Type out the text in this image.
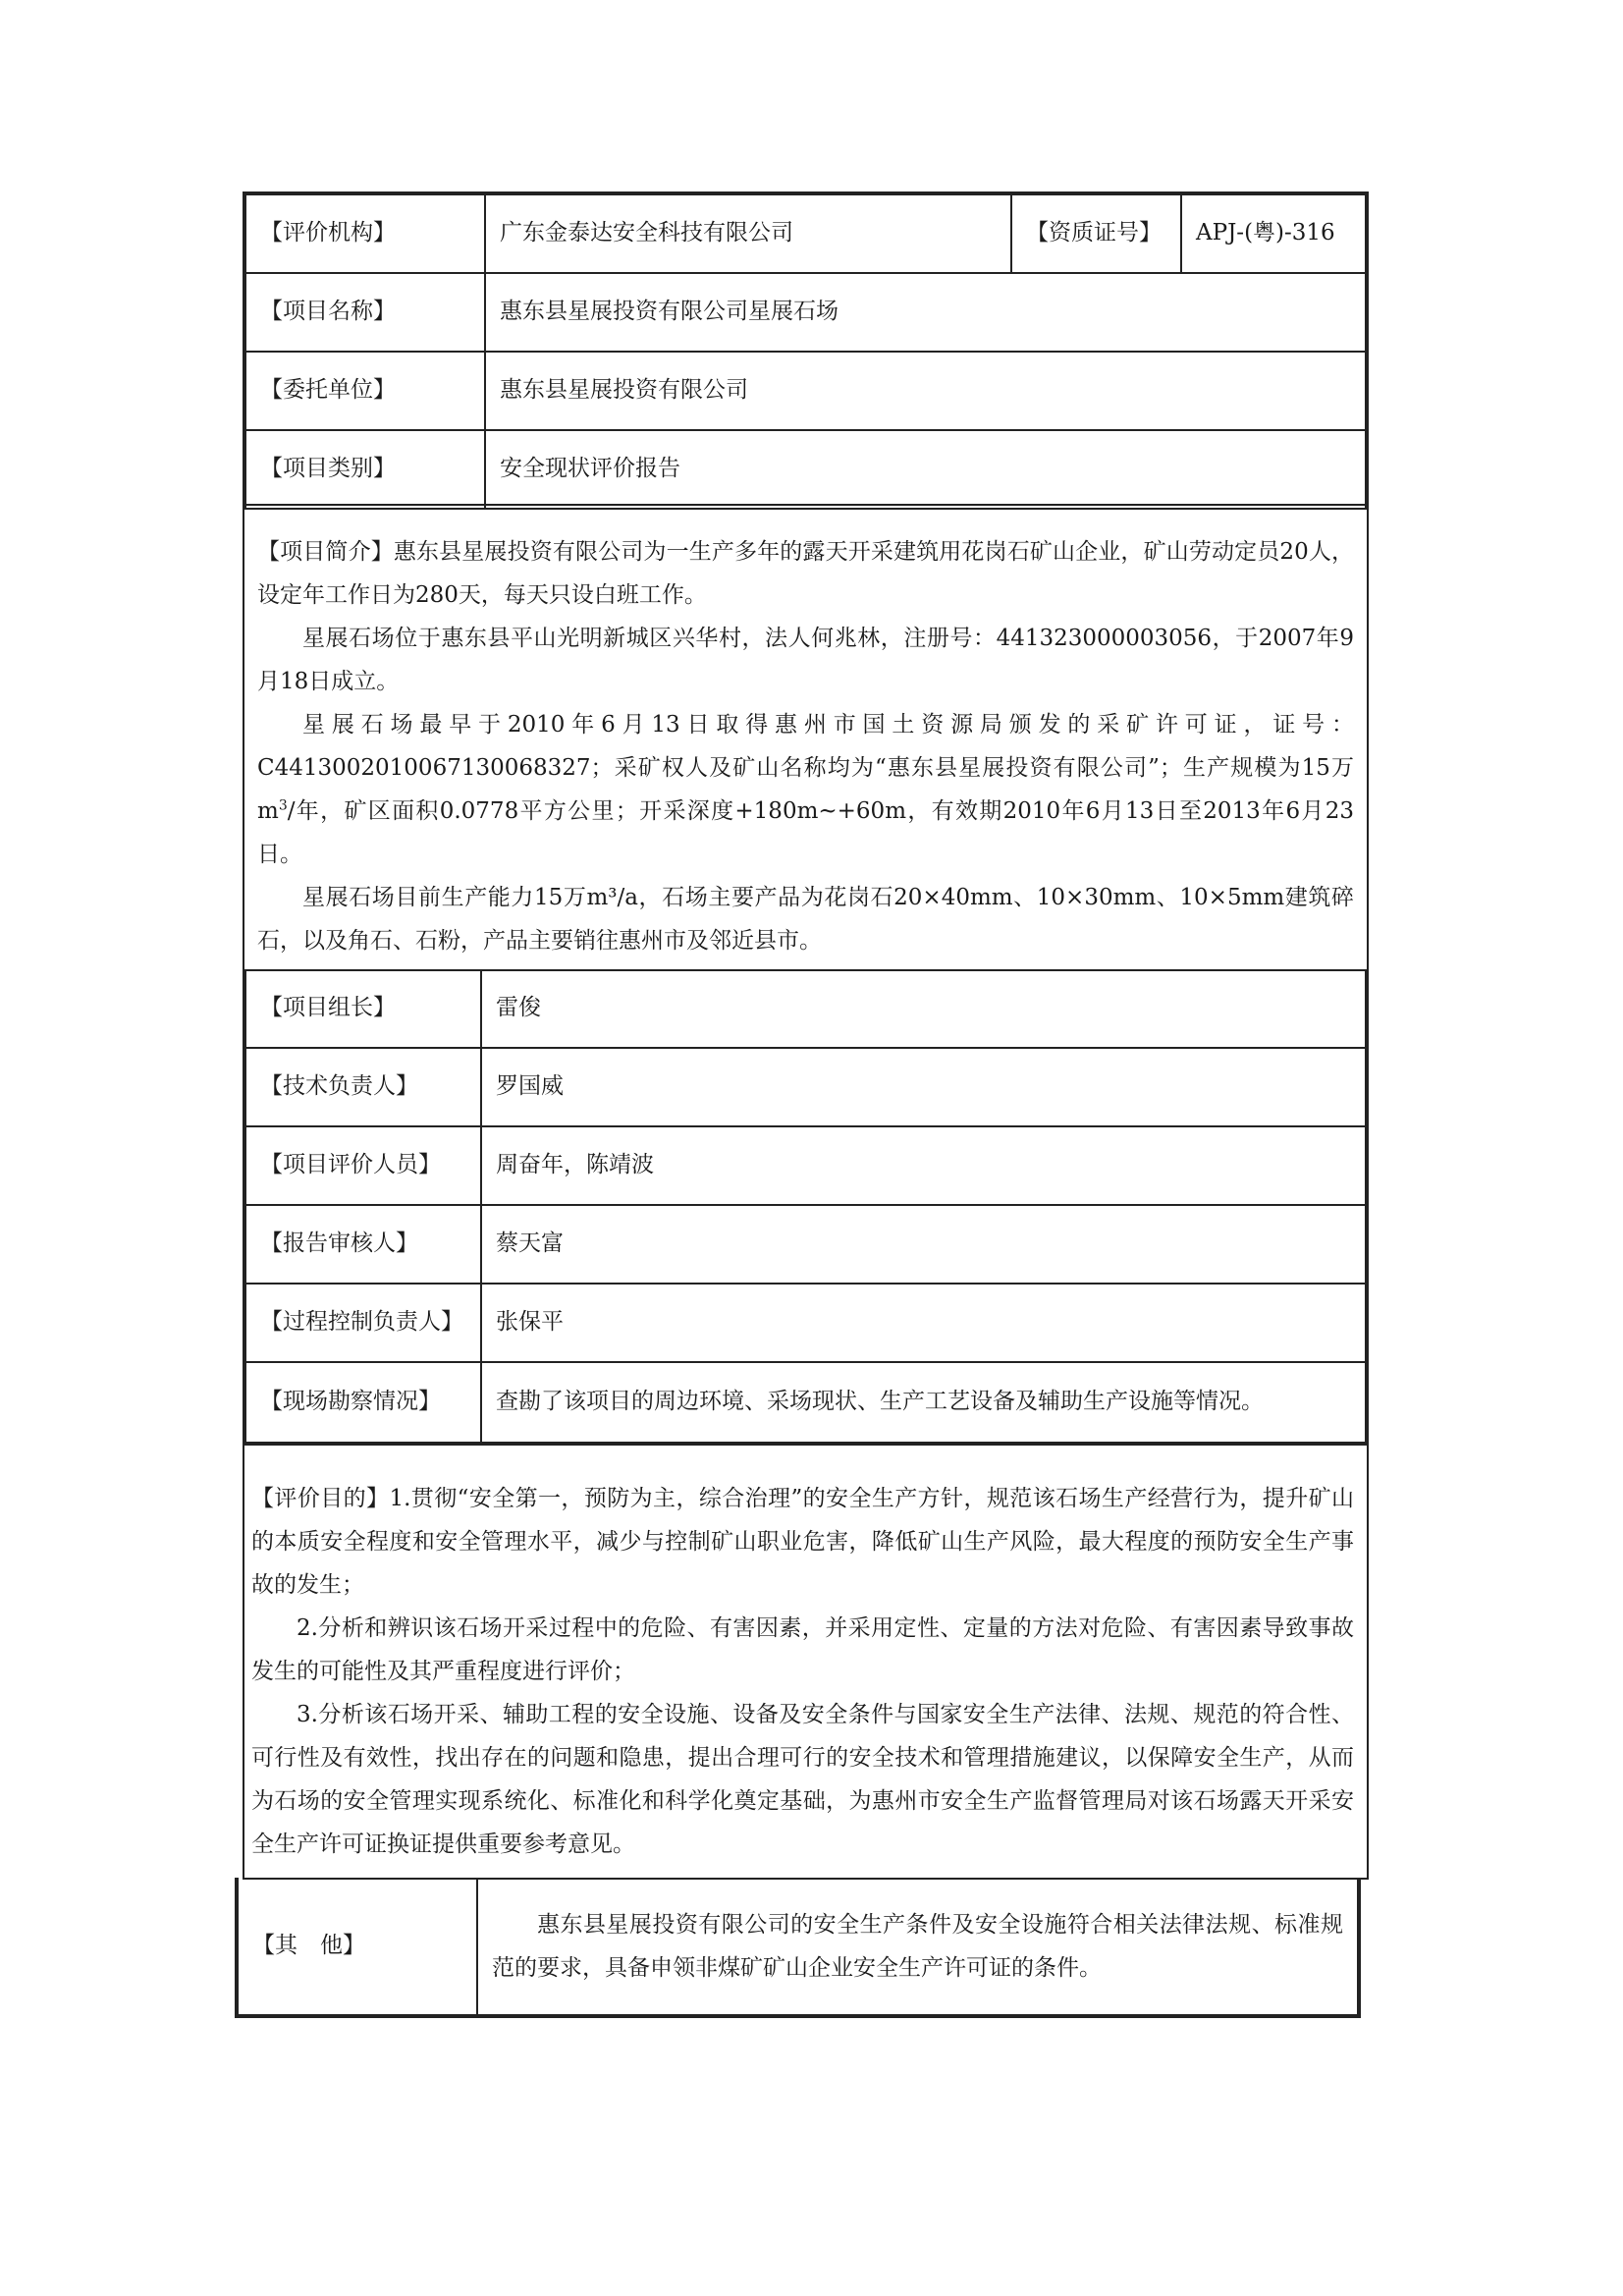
【评价机构】	广东金泰达安全科技有限公司	【资质证号】	APJ-(粤)-316
【项目名称】	惠东县星展投资有限公司星展石场		
【委托单位】	惠东县星展投资有限公司		
【项目类别】	安全现状评价报告		

【项目简介】惠东县星展投资有限公司为一生产多年的露天开采建筑用花岗石矿山企业，矿山劳动定员20人，设定年工作日为280天，每天只设白班工作。

星展石场位于惠东县平山光明新城区兴华村，法人何兆林，注册号：441323000003056，于2007年9月18日成立。

星展石场最早于2010年6月13日取得惠州市国土资源局颁发的采矿许可证，证号：C4413002010067130068327；采矿权人及矿山名称均为“惠东县星展投资有限公司”；生产规模为15万$m^3/$年，矿区面积0.0778平方公里；开采深度+180m~+60m，有效期2010年6月13日至2013年6月23日。

星展石场目前生产能力15万m³/a，石场主要产品为花岗石20×40mm、10×30mm、10×5mm建筑碎石，以及角石、石粉，产品主要销往惠州市及邻近县市。

【项目组长】	雷俊
【技术负责人】	罗国威
【项目评价人员】	周奋年，陈靖波
【报告审核人】	蔡天富
【过程控制负责人】	张保平
【现场勘察情况】	查勘了该项目的周边环境、采场现状、生产工艺设备及辅助生产设施等情况。

【评价目的】1.贯彻“安全第一，预防为主，综合治理”的安全生产方针，规范该石场生产经营行为，提升矿山的本质安全程度和安全管理水平，减少与控制矿山职业危害，降低矿山生产风险，最大程度的预防安全生产事故的发生；

2.分析和辨识该石场开采过程中的危险、有害因素，并采用定性、定量的方法对危险、有害因素导致事故发生的可能性及其严重程度进行评价；

3.分析该石场开采、辅助工程的安全设施、设备及安全条件与国家安全生产法律、法规、规范的符合性、可行性及有效性，找出存在的问题和隐患，提出合理可行的安全技术和管理措施建议，以保障安全生产，从而为石场的安全管理实现系统化、标准化和科学化奠定基础，为惠州市安全生产监督管理局对该石场露天开采安全生产许可证换证提供重要参考意见。

【其　他】	惠东县星展投资有限公司的安全生产条件及安全设施符合相关法律法规、标准规范的要求，具备申领非煤矿矿山企业安全生产许可证的条件。
